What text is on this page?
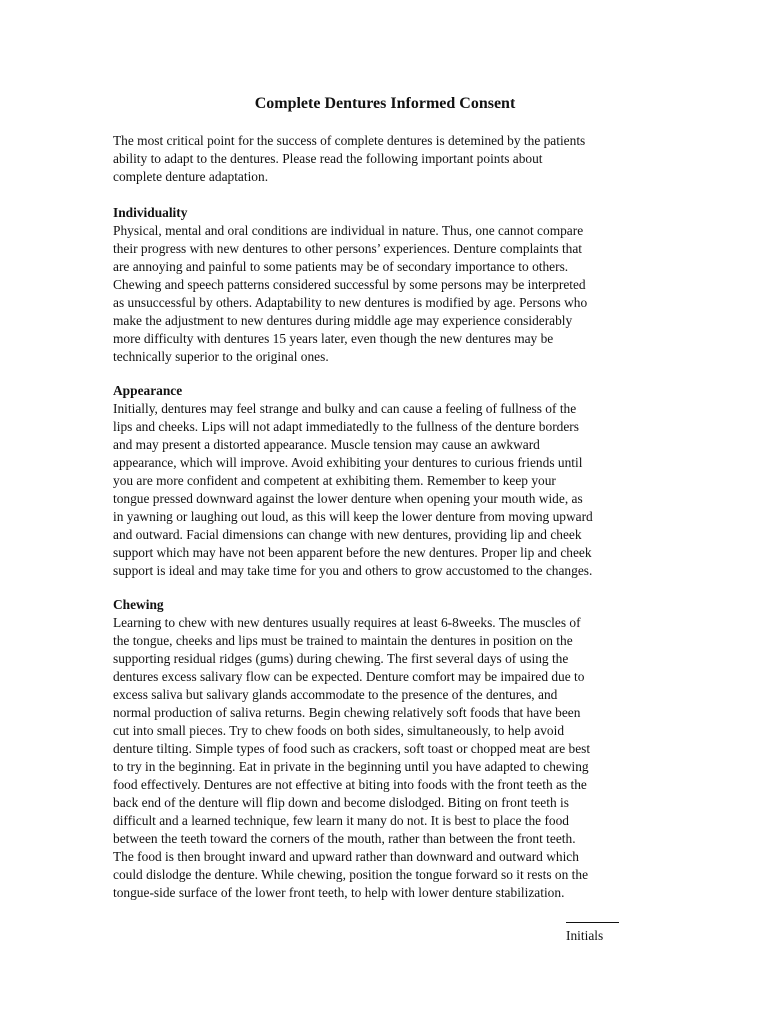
Complete Dentures Informed Consent
The most critical point for the success of complete dentures is detemined by the patients
ability to adapt to the dentures. Please read the following important points about
complete denture adaptation.
Individuality
Physical, mental and oral conditions are individual in nature. Thus, one cannot compare
their progress with new dentures to other persons’ experiences. Denture complaints that
are annoying and painful to some patients may be of secondary importance to others.
Chewing and speech patterns considered successful by some persons may be interpreted
as unsuccessful by others. Adaptability to new dentures is modified by age. Persons who
make the adjustment to new dentures during middle age may experience considerably
more difficulty with dentures 15 years later, even though the new dentures may be
technically superior to the original ones.
Appearance
Initially, dentures may feel strange and bulky and can cause a feeling of fullness of the
lips and cheeks. Lips will not adapt immediatedly to the fullness of the denture borders
and may present a distorted appearance. Muscle tension may cause an awkward
appearance, which will improve. Avoid exhibiting your dentures to curious friends until
you are more confident and competent at exhibiting them. Remember to keep your
tongue pressed downward against the lower denture when opening your mouth wide, as
in yawning or laughing out loud, as this will keep the lower denture from moving upward
and outward. Facial dimensions can change with new dentures, providing lip and cheek
support which may have not been apparent before the new dentures. Proper lip and cheek
support is ideal and may take time for you and others to grow accustomed to the changes.
Chewing
Learning to chew with new dentures usually requires at least 6-8weeks. The muscles of
the tongue, cheeks and lips must be trained to maintain the dentures in position on the
supporting residual ridges (gums) during chewing. The first several days of using the
dentures excess salivary flow can be expected. Denture comfort may be impaired due to
excess saliva but salivary glands accommodate to the presence of the dentures, and
normal production of saliva returns. Begin chewing relatively soft foods that have been
cut into small pieces. Try to chew foods on both sides, simultaneously, to help avoid
denture tilting. Simple types of food such as crackers, soft toast or chopped meat are best
to try in the beginning. Eat in private in the beginning until you have adapted to chewing
food effectively. Dentures are not effective at biting into foods with the front teeth as the
back end of the denture will flip down and become dislodged. Biting on front teeth is
difficult and a learned technique, few learn it many do not. It is best to place the food
between the teeth toward the corners of the mouth, rather than between the front teeth.
The food is then brought inward and upward rather than downward and outward which
could dislodge the denture. While chewing, position the tongue forward so it rests on the
tongue-side surface of the lower front teeth, to help with lower denture stabilization.
Initials
